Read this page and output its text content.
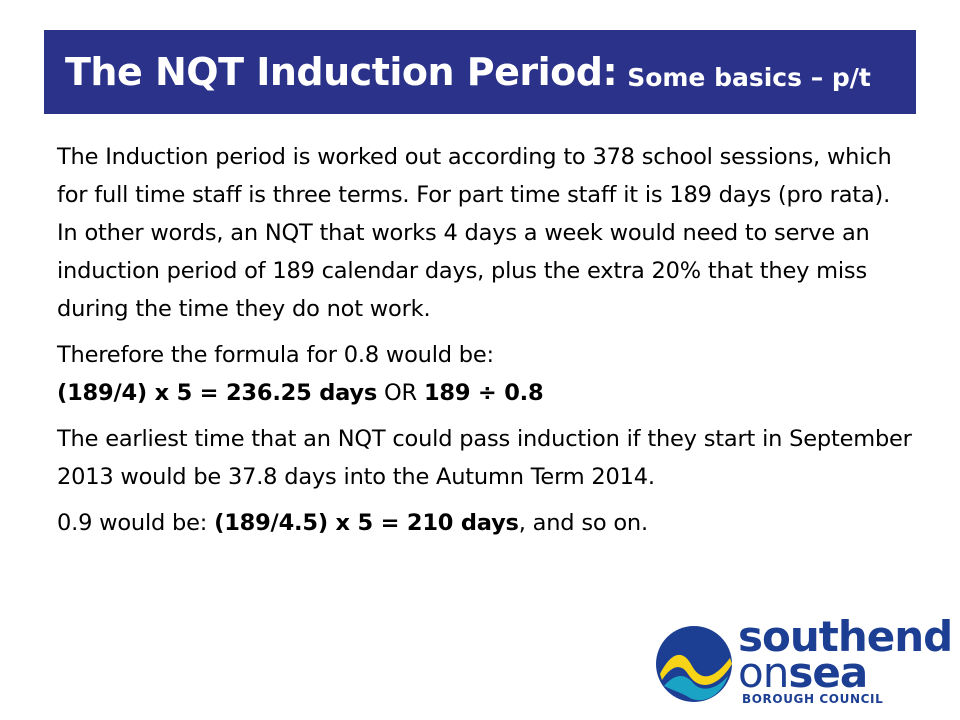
The NQT Induction Period: Some basics – p/t

The Induction period is worked out according to 378 school sessions, which for full time staff is three terms. For part time staff it is 189 days (pro rata). In other words, an NQT that works 4 days a week would need to serve an induction period of 189 calendar days, plus the extra 20% that they miss during the time they do not work.

Therefore the formula for 0.8 would be:
(189/4) x 5 = 236.25 days OR 189 ÷ 0.8

The earliest time that an NQT could pass induction if they start in September 2013 would be 37.8 days into the Autumn Term 2014.

0.9 would be: (189/4.5) x 5 = 210 days, and so on.

southend
onsea
BOROUGH COUNCIL
